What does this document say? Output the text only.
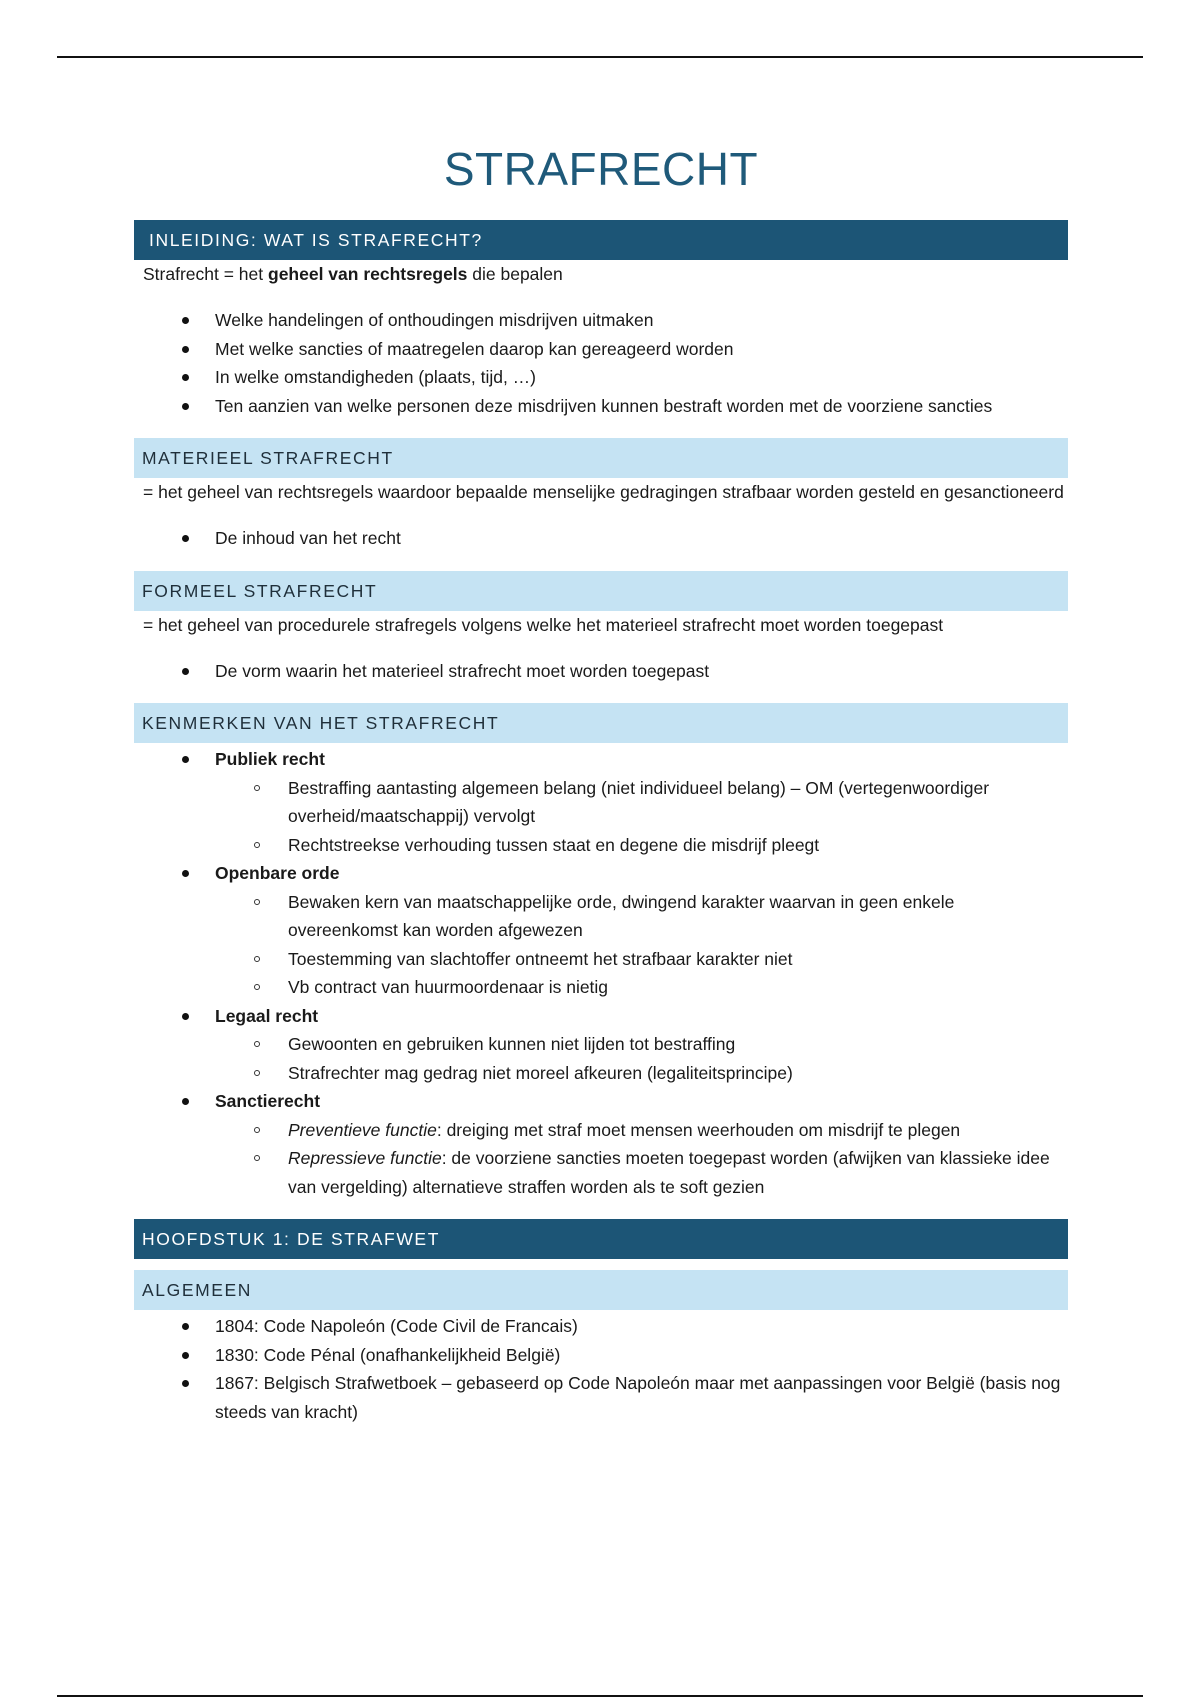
STRAFRECHT
INLEIDING: WAT IS STRAFRECHT?

Strafrecht = het geheel van rechtsregels die bepalen

Welke handelingen of onthoudingen misdrijven uitmaken
Met welke sancties of maatregelen daarop kan gereageerd worden
In welke omstandigheden (plaats, tijd, …)
Ten aanzien van welke personen deze misdrijven kunnen bestraft worden met de voorziene sancties
MATERIEEL STRAFRECHT

= het geheel van rechtsregels waardoor bepaalde menselijke gedragingen strafbaar worden gesteld en gesanctioneerd

De inhoud van het recht
FORMEEL STRAFRECHT

= het geheel van procedurele strafregels volgens welke het materieel strafrecht moet worden toegepast

De vorm waarin het materieel strafrecht moet worden toegepast
KENMERKEN VAN HET STRAFRECHT
Publiek recht
Bestraffing aantasting algemeen belang (niet individueel belang) – OM (vertegenwoordiger overheid/maatschappij) vervolgt
Rechtstreekse verhouding tussen staat en degene die misdrijf pleegt
Openbare orde
Bewaken kern van maatschappelijke orde, dwingend karakter waarvan in geen enkele overeenkomst kan worden afgewezen
Toestemming van slachtoffer ontneemt het strafbaar karakter niet
Vb contract van huurmoordenaar is nietig
Legaal recht
Gewoonten en gebruiken kunnen niet lijden tot bestraffing
Strafrechter mag gedrag niet moreel afkeuren (legaliteitsprincipe)
Sanctierecht
Preventieve functie: dreiging met straf moet mensen weerhouden om misdrijf te plegen
Repressieve functie: de voorziene sancties moeten toegepast worden (afwijken van klassieke idee van vergelding) alternatieve straffen worden als te soft gezien
HOOFDSTUK 1: DE STRAFWET
ALGEMEEN
1804: Code Napoleón (Code Civil de Francais)
1830: Code Pénal (onafhankelijkheid België)
1867: Belgisch Strafwetboek – gebaseerd op Code Napoleón maar met aanpassingen voor België (basis nog steeds van kracht)
